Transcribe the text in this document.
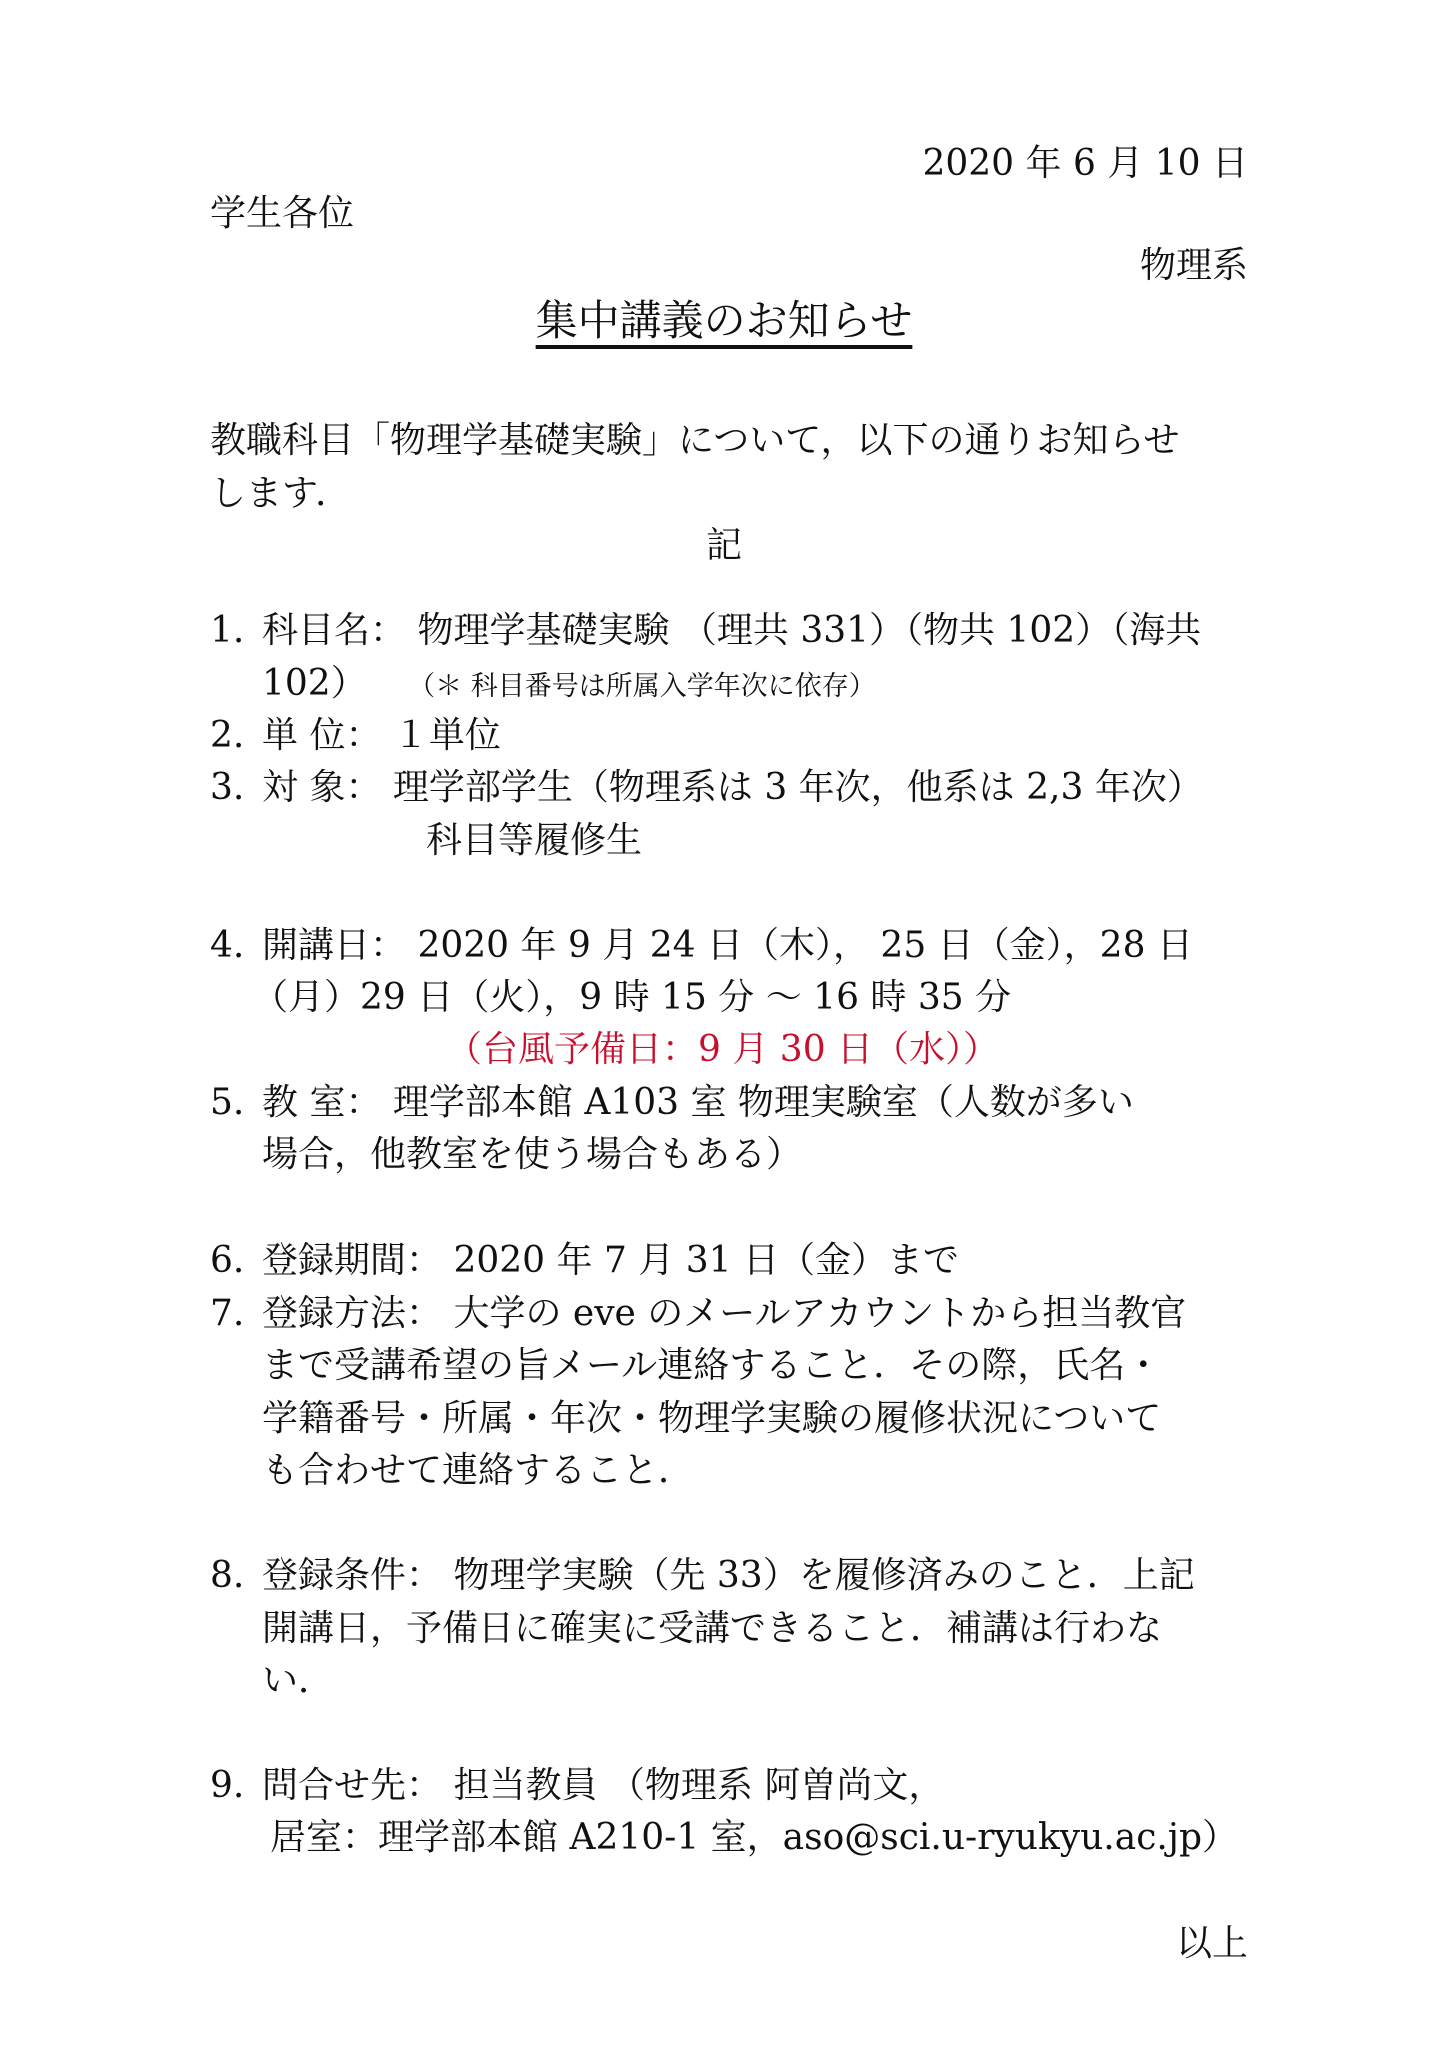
2020 年 6 月 10 日
学生各位
物理系
集中講義のお知らせ
教職科目「物理学基礎実験」について，以下の通りお知らせ
します．
記
1. 科目名： 物理学基礎実験 （理共 331）（物共 102）（海共
102） （＊ 科目番号は所属入学年次に依存）
2. 単 位： １単位
3. 対 象： 理学部学生（物理系は 3 年次，他系は 2,3 年次）
科目等履修生
4. 開講日： 2020 年 9 月 24 日（木）， 25 日（金），28 日
（月）29 日（火），9 時 15 分 ～ 16 時 35 分
（台風予備日：9 月 30 日（水））
5. 教 室： 理学部本館 A103 室 物理実験室（人数が多い
場合，他教室を使う場合もある）
6. 登録期間： 2020 年 7 月 31 日（金）まで
7. 登録方法： 大学の eve のメールアカウントから担当教官
まで受講希望の旨メール連絡すること．その際，氏名・
学籍番号・所属・年次・物理学実験の履修状況について
も合わせて連絡すること．
8. 登録条件： 物理学実験（先 33）を履修済みのこと．上記
開講日，予備日に確実に受講できること．補講は行わな
い．
9. 問合せ先： 担当教員 （物理系 阿曽尚文，
居室：理学部本館 A210-1 室，aso@sci.u-ryukyu.ac.jp）
以上
